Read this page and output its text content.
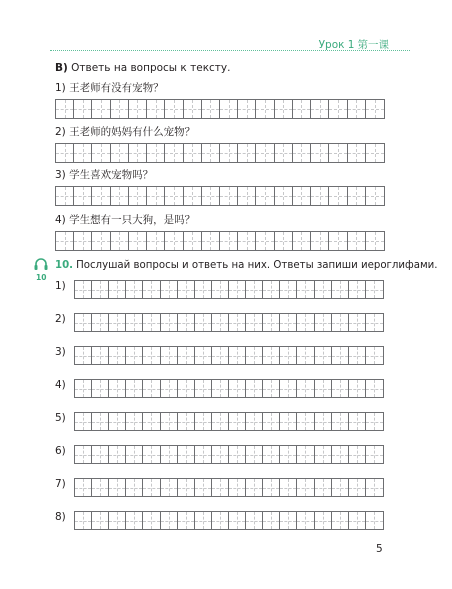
Урок 1 第一课
В) Ответь на вопросы к тексту.
1) 王老师有没有宠物？
2) 王老师的妈妈有什么宠物？
3) 学生喜欢宠物吗？
4) 学生想有一只大狗，是吗？
10
10. Послушай вопросы и ответь на них. Ответы запиши иероглифами.
1)
2)
3)
4)
5)
6)
7)
8)
5
